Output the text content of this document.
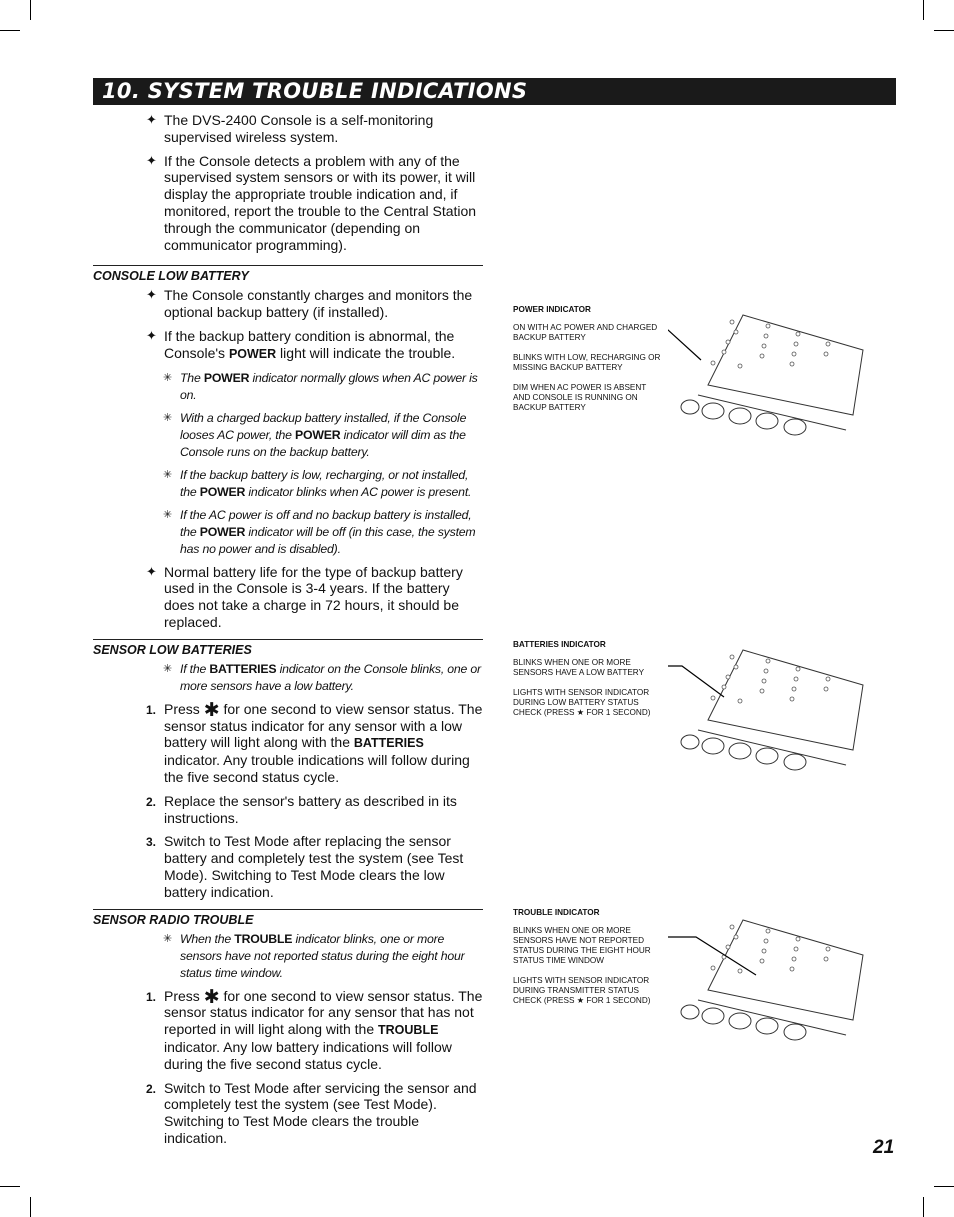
10. SYSTEM TROUBLE INDICATIONS
✦ The DVS-2400 Console is a self-monitoring supervised wireless system.
✦ If the Console detects a problem with any of the supervised system sensors or with its power, it will display the appropriate trouble indication and, if monitored, report the trouble to the Central Station through the communicator (depending on communicator programming).
CONSOLE LOW BATTERY
✦ The Console constantly charges and monitors the optional backup battery (if installed).
✦ If the backup battery condition is abnormal, the Console's POWER light will indicate the trouble.
✳ The POWER indicator normally glows when AC power is on.
✳ With a charged backup battery installed, if the Console looses AC power, the POWER indicator will dim as the Console runs on the backup battery.
✳ If the backup battery is low, recharging, or not installed, the POWER indicator blinks when AC power is present.
✳ If the AC power is off and no backup battery is installed, the POWER indicator will be off (in this case, the system has no power and is disabled).
✦ Normal battery life for the type of backup battery used in the Console is 3-4 years. If the battery does not take a charge in 72 hours, it should be replaced.
SENSOR LOW BATTERIES
✳ If the BATTERIES indicator on the Console blinks, one or more sensors have a low battery.
1. Press ✱ for one second to view sensor status. The sensor status indicator for any sensor with a low battery will light along with the BATTERIES indicator. Any trouble indications will follow during the five second status cycle.
2. Replace the sensor's battery as described in its instructions.
3. Switch to Test Mode after replacing the sensor battery and completely test the system (see Test Mode). Switching to Test Mode clears the low battery indication.
SENSOR RADIO TROUBLE
✳ When the TROUBLE indicator blinks, one or more sensors have not reported status during the eight hour status time window.
1. Press ✱ for one second to view sensor status. The sensor status indicator for any sensor that has not reported in will light along with the TROUBLE indicator. Any low battery indications will follow during the five second status cycle.
2. Switch to Test Mode after servicing the sensor and completely test the system (see Test Mode). Switching to Test Mode clears the trouble indication.
POWER INDICATOR

ON WITH AC POWER AND CHARGED BACKUP BATTERY

BLINKS WITH LOW, RECHARGING OR MISSING BACKUP BATTERY

DIM WHEN AC POWER IS ABSENT AND CONSOLE IS RUNNING ON BACKUP BATTERY

BATTERIES INDICATOR

BLINKS WHEN ONE OR MORE SENSORS HAVE A LOW BATTERY

LIGHTS WITH SENSOR INDICATOR DURING LOW BATTERY STATUS CHECK (PRESS ★ FOR 1 SECOND)

TROUBLE INDICATOR

BLINKS WHEN ONE OR MORE SENSORS HAVE NOT REPORTED STATUS DURING THE EIGHT HOUR STATUS TIME WINDOW

LIGHTS WITH SENSOR INDICATOR DURING TRANSMITTER STATUS CHECK (PRESS ★ FOR 1 SECOND)

21
